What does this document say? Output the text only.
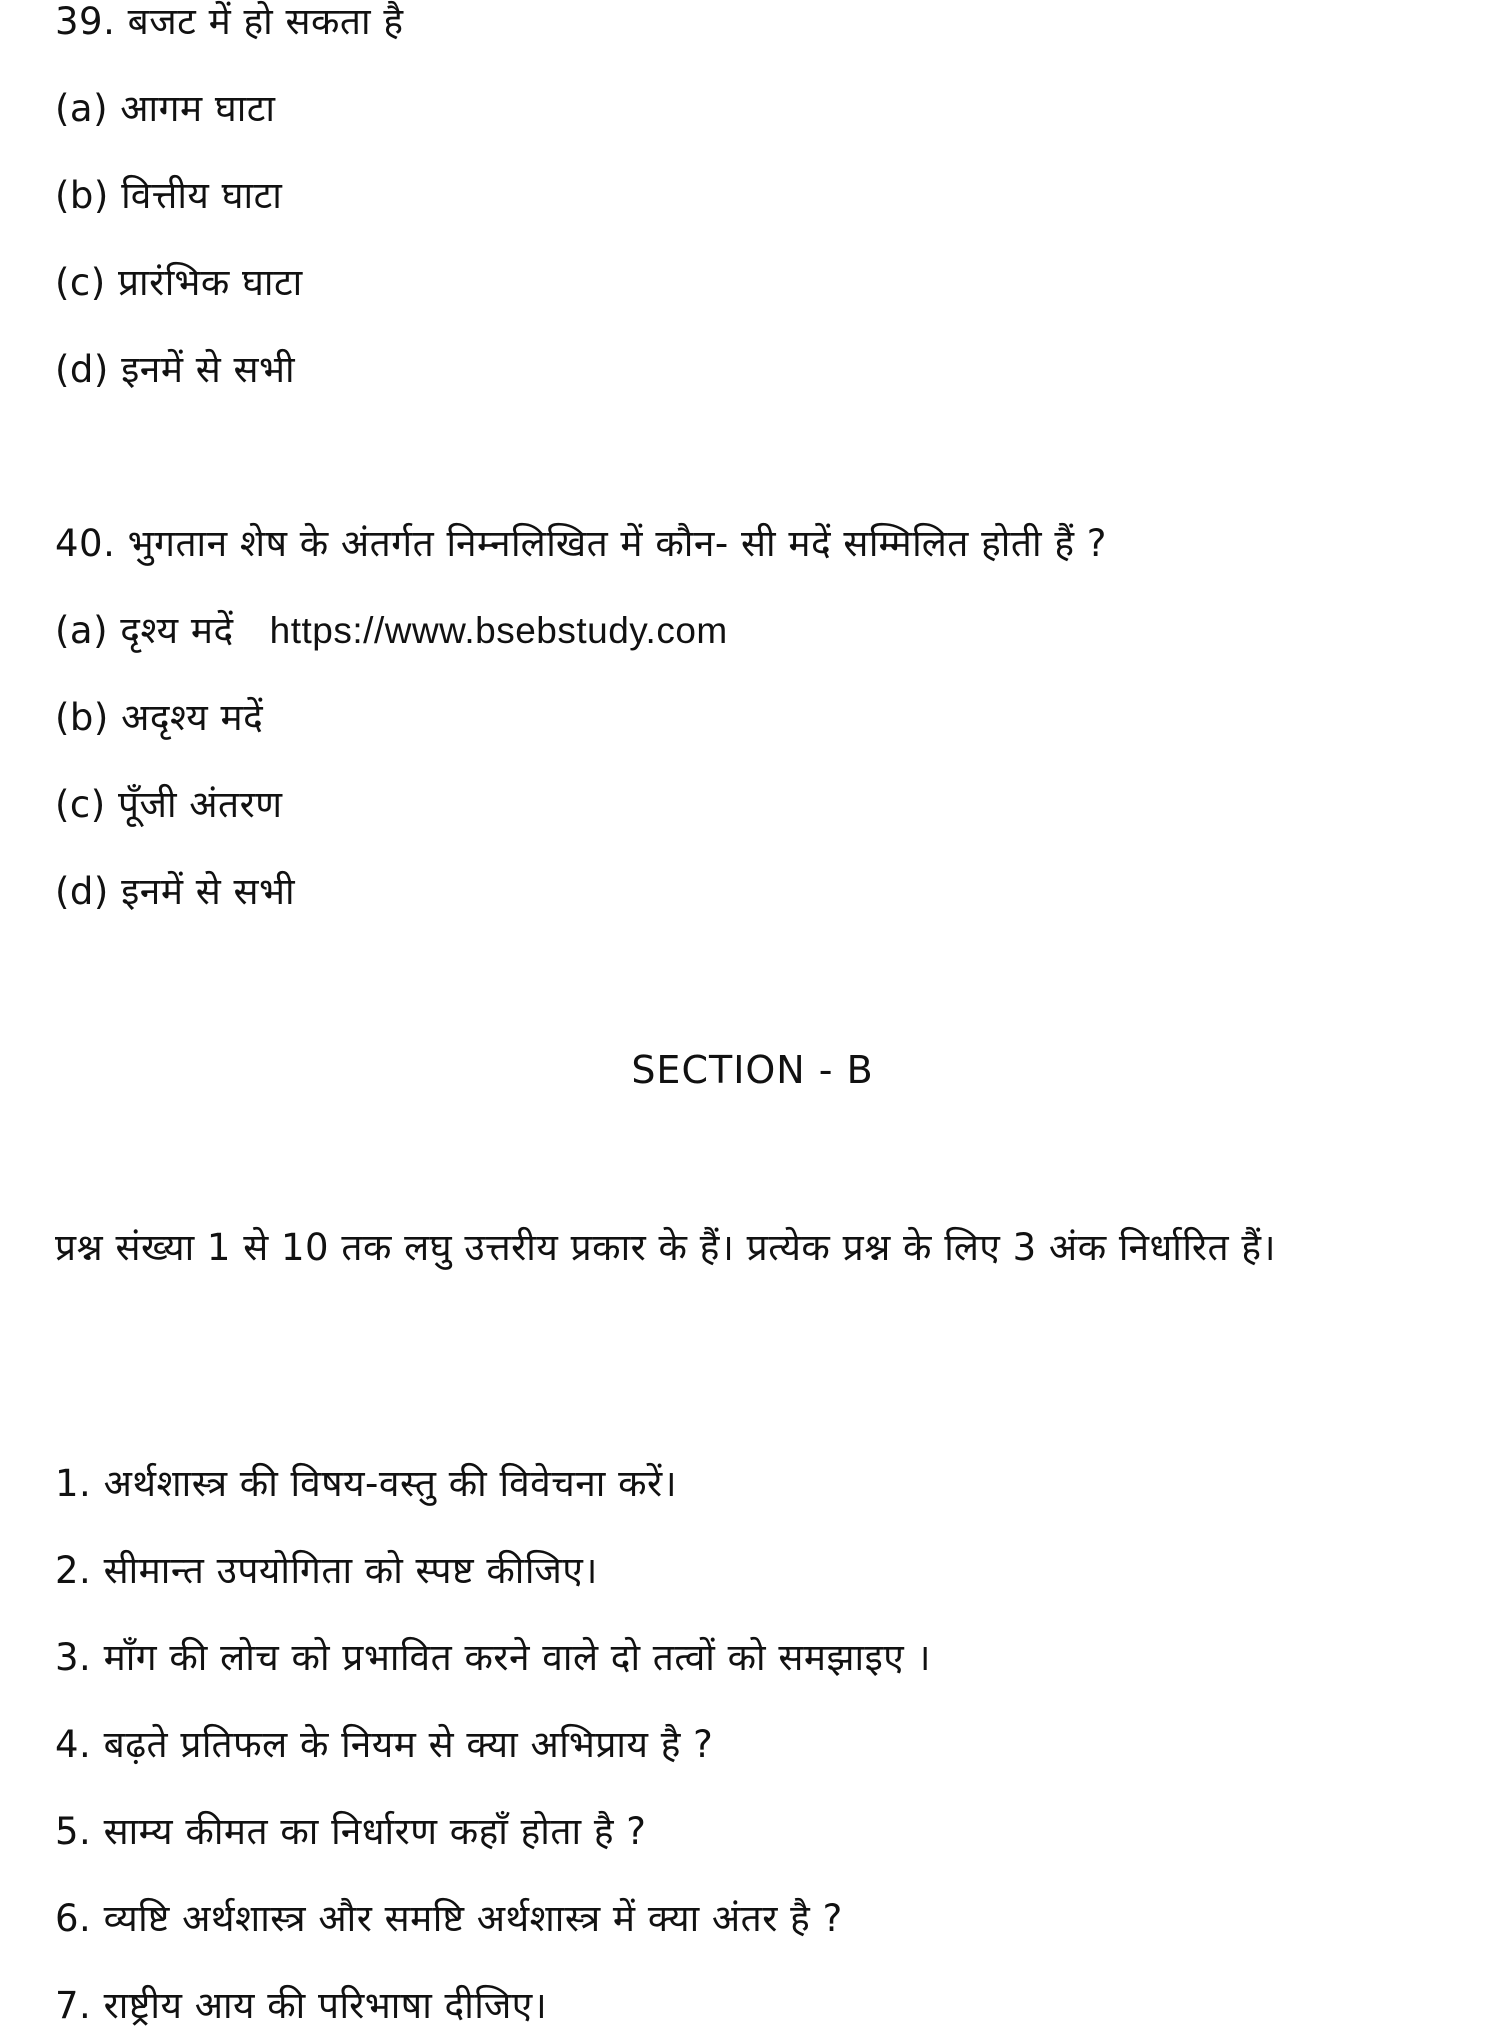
39. बजट में हो सकता है
(a) आगम घाटा
(b) वित्तीय घाटा
(c) प्रारंभिक घाटा
(d) इनमें से सभी
40. भुगतान शेष के अंतर्गत निम्नलिखित में कौन- सी मदें सम्मिलित होती हैं ?
(a) दृश्य मदें https://www.bsebstudy.com
(b) अदृश्य मदें
(c) पूँजी अंतरण
(d) इनमें से सभी
SECTION - B
प्रश्न संख्या 1 से 10 तक लघु उत्तरीय प्रकार के हैं। प्रत्येक प्रश्न के लिए 3 अंक निर्धारित हैं।
1. अर्थशास्त्र की विषय-वस्तु की विवेचना करें।
2. सीमान्त उपयोगिता को स्पष्ट कीजिए।
3. माँग की लोच को प्रभावित करने वाले दो तत्वों को समझाइए ।
4. बढ़ते प्रतिफल के नियम से क्या अभिप्राय है ?
5. साम्य कीमत का निर्धारण कहाँ होता है ?
6. व्यष्टि अर्थशास्त्र और समष्टि अर्थशास्त्र में क्या अंतर है ?
7. राष्ट्रीय आय की परिभाषा दीजिए।
